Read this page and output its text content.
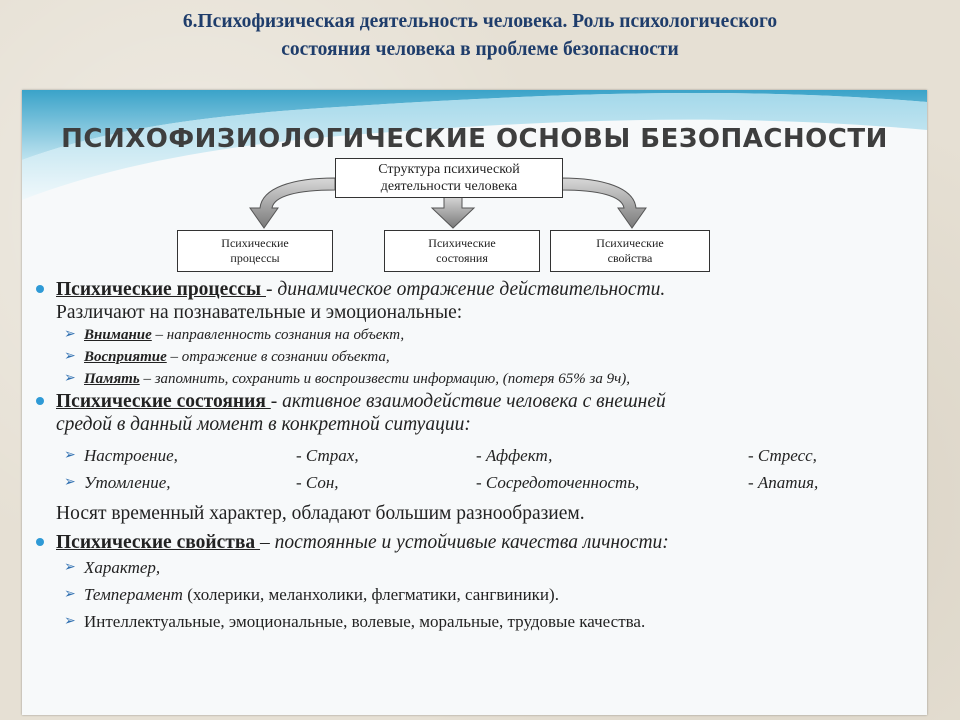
6.Психофизическая деятельность человека. Роль психологического
состояния человека в проблеме безопасности
ПСИХОФИЗИОЛОГИЧЕСКИЕ ОСНОВЫ БЕЗОПАСНОСТИ
Структура психической
деятельности человека
Психические
процессы
Психические
состояния
Психические
свойства
Психические процессы - динамическое отражение действительности.
Различают на познавательные и эмоциональные:
➢ Внимание – направленность сознания на объект,
➢ Восприятие – отражение в сознании объекта,
➢ Память – запомнить, сохранить и воспроизвести информацию, (потеря 65% за 9ч),
Психические состояния - активное взаимодействие человека с внешней
средой в данный момент в конкретной ситуации:
➢ Настроение,	- Страх,	- Аффект,	- Стресс,
➢ Утомление,	- Сон,	- Сосредоточенность,	- Апатия,
Носят временный характер, обладают большим разнообразием.
Психические свойства – постоянные и устойчивые качества личности:
➢ Характер,
➢ Темперамент (холерики, меланхолики, флегматики, сангвиники).
➢ Интеллектуальные, эмоциональные, волевые, моральные, трудовые качества.
